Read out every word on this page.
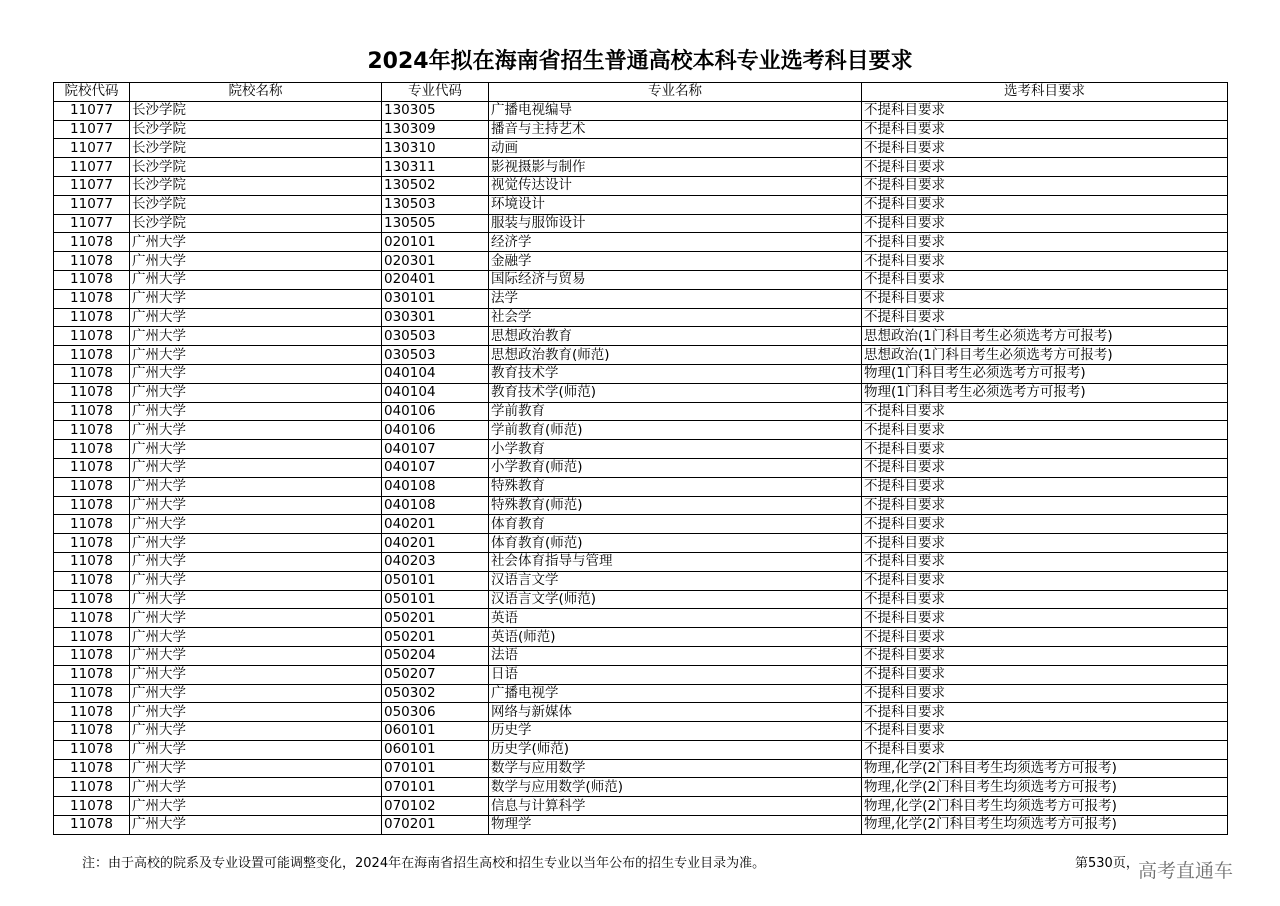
2024年拟在海南省招生普通高校本科专业选考科目要求
院校代码	院校名称	专业代码	专业名称	选考科目要求
11077	长沙学院	130305	广播电视编导	不提科目要求
11077	长沙学院	130309	播音与主持艺术	不提科目要求
11077	长沙学院	130310	动画	不提科目要求
11077	长沙学院	130311	影视摄影与制作	不提科目要求
11077	长沙学院	130502	视觉传达设计	不提科目要求
11077	长沙学院	130503	环境设计	不提科目要求
11077	长沙学院	130505	服装与服饰设计	不提科目要求
11078	广州大学	020101	经济学	不提科目要求
11078	广州大学	020301	金融学	不提科目要求
11078	广州大学	020401	国际经济与贸易	不提科目要求
11078	广州大学	030101	法学	不提科目要求
11078	广州大学	030301	社会学	不提科目要求
11078	广州大学	030503	思想政治教育	思想政治(1门科目考生必须选考方可报考)
11078	广州大学	030503	思想政治教育(师范)	思想政治(1门科目考生必须选考方可报考)
11078	广州大学	040104	教育技术学	物理(1门科目考生必须选考方可报考)
11078	广州大学	040104	教育技术学(师范)	物理(1门科目考生必须选考方可报考)
11078	广州大学	040106	学前教育	不提科目要求
11078	广州大学	040106	学前教育(师范)	不提科目要求
11078	广州大学	040107	小学教育	不提科目要求
11078	广州大学	040107	小学教育(师范)	不提科目要求
11078	广州大学	040108	特殊教育	不提科目要求
11078	广州大学	040108	特殊教育(师范)	不提科目要求
11078	广州大学	040201	体育教育	不提科目要求
11078	广州大学	040201	体育教育(师范)	不提科目要求
11078	广州大学	040203	社会体育指导与管理	不提科目要求
11078	广州大学	050101	汉语言文学	不提科目要求
11078	广州大学	050101	汉语言文学(师范)	不提科目要求
11078	广州大学	050201	英语	不提科目要求
11078	广州大学	050201	英语(师范)	不提科目要求
11078	广州大学	050204	法语	不提科目要求
11078	广州大学	050207	日语	不提科目要求
11078	广州大学	050302	广播电视学	不提科目要求
11078	广州大学	050306	网络与新媒体	不提科目要求
11078	广州大学	060101	历史学	不提科目要求
11078	广州大学	060101	历史学(师范)	不提科目要求
11078	广州大学	070101	数学与应用数学	物理,化学(2门科目考生均须选考方可报考)
11078	广州大学	070101	数学与应用数学(师范)	物理,化学(2门科目考生均须选考方可报考)
11078	广州大学	070102	信息与计算科学	物理,化学(2门科目考生均须选考方可报考)
11078	广州大学	070201	物理学	物理,化学(2门科目考生均须选考方可报考)
注：由于高校的院系及专业设置可能调整变化，2024年在海南省招生高校和招生专业以当年公布的招生专业目录为准。	第530页， 高考直通车
